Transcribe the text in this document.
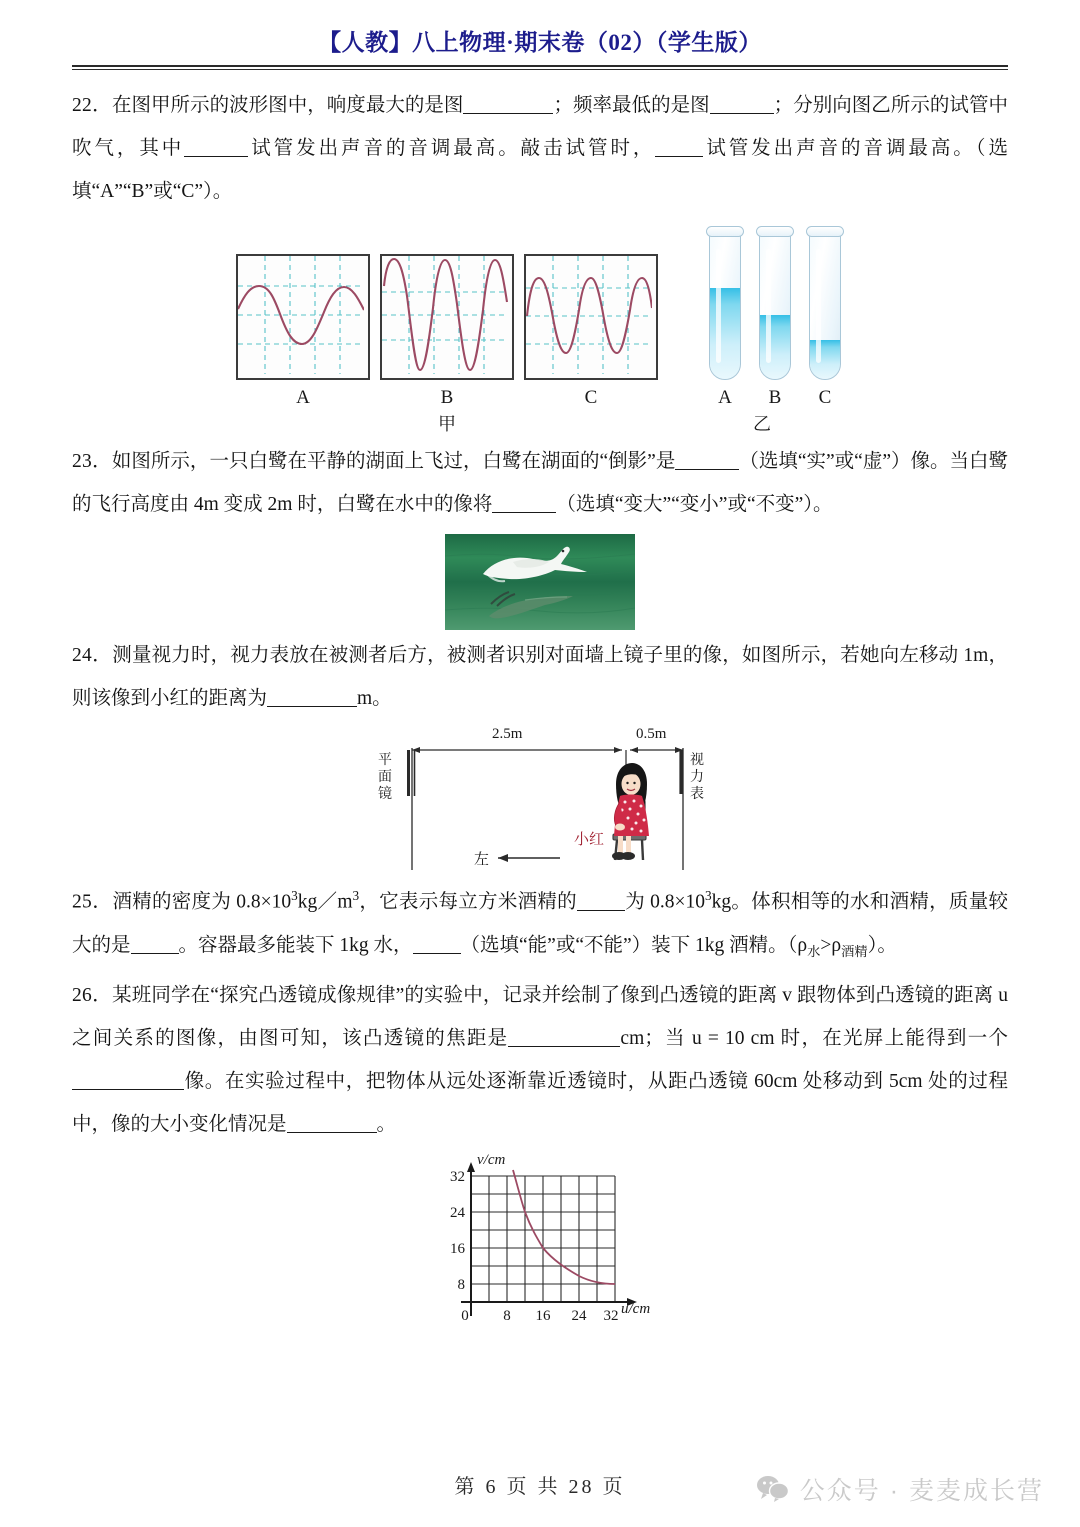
【人教】八上物理·期末卷（02）（学生版）

22．在图甲所示的波形图中，响度最大的是图	；频率最低的是图	；分别向图乙所示的试管中吹气，其中	试管发出声音的音调最高。敲击试管时， 试管发出声音的音调最高。（选填“A”“B”或“C”）。

A	B	C
甲
A B C
乙

23．如图所示，一只白鹭在平静的湖面上飞过，白鹭在湖面的“倒影”是	（选填“实”或“虚”）像。当白鹭的飞行高度由 4m 变成 2m 时，白鹭在水中的像将	（选填“变大”“变小”或“不变”）。

24．测量视力时，视力表放在被测者后方，被测者识别对面墙上镜子里的像，如图所示，若她向左移动 1m，则该像到小红的距离为	m。

2.5m	0.5m
平面镜
视力表
小红
左

25．酒精的密度为 $0.8\times 10^3kg/m^3$，它表示每立方米酒精的 为 $0.8\times 10^3kg$。体积相等的水和酒精，质量较大的是 。容器最多能装下 1kg 水， （选填“能”或“不能”）装下 1kg 酒精。$(\rho_水>\rho_{酒精})$。

26．某班同学在“探究凸透镜成像规律”的实验中，记录并绘制了像到凸透镜的距离 v 跟物体到凸透镜的距离 u 之间关系的图像，由图可知，该凸透镜的焦距是	cm；当 u = 10 cm 时，在光屏上能得到一个像。在实验过程中，把物体从远处逐渐靠近透镜时，从距凸透镜 60cm 处移动到 5cm 处的过程中，像的大小变化情况是	。

32
24
16
8
0 8 16 24 32
v/cm
u/cm
第 6 页 共 28 页	公众号 · 麦麦成长营
